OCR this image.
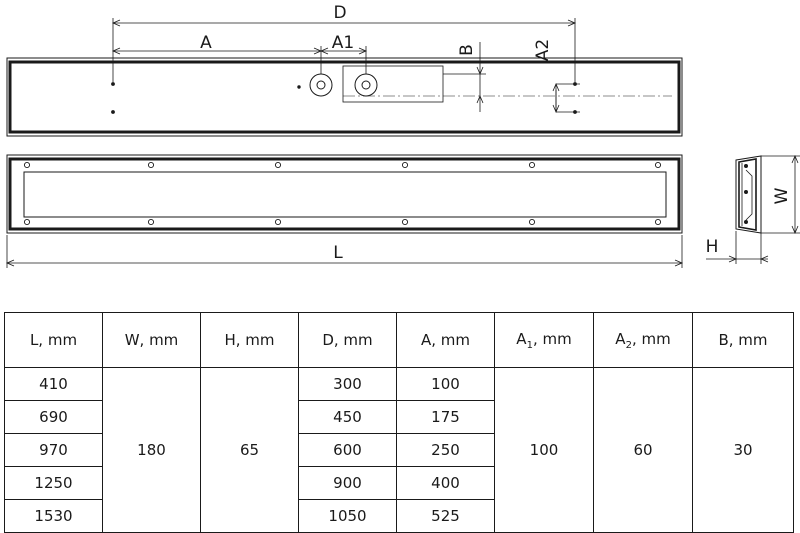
D
A	A1	B	A2
L
W
H
L, mm	W, mm	H, mm	D, mm	A, mm	$A_1$, mm	$A_2$, mm	B, mm
410	180	65	300	100	100	60	30
690			450	175			
970			600	250			
1250			900	400			
1530			1050	525			
